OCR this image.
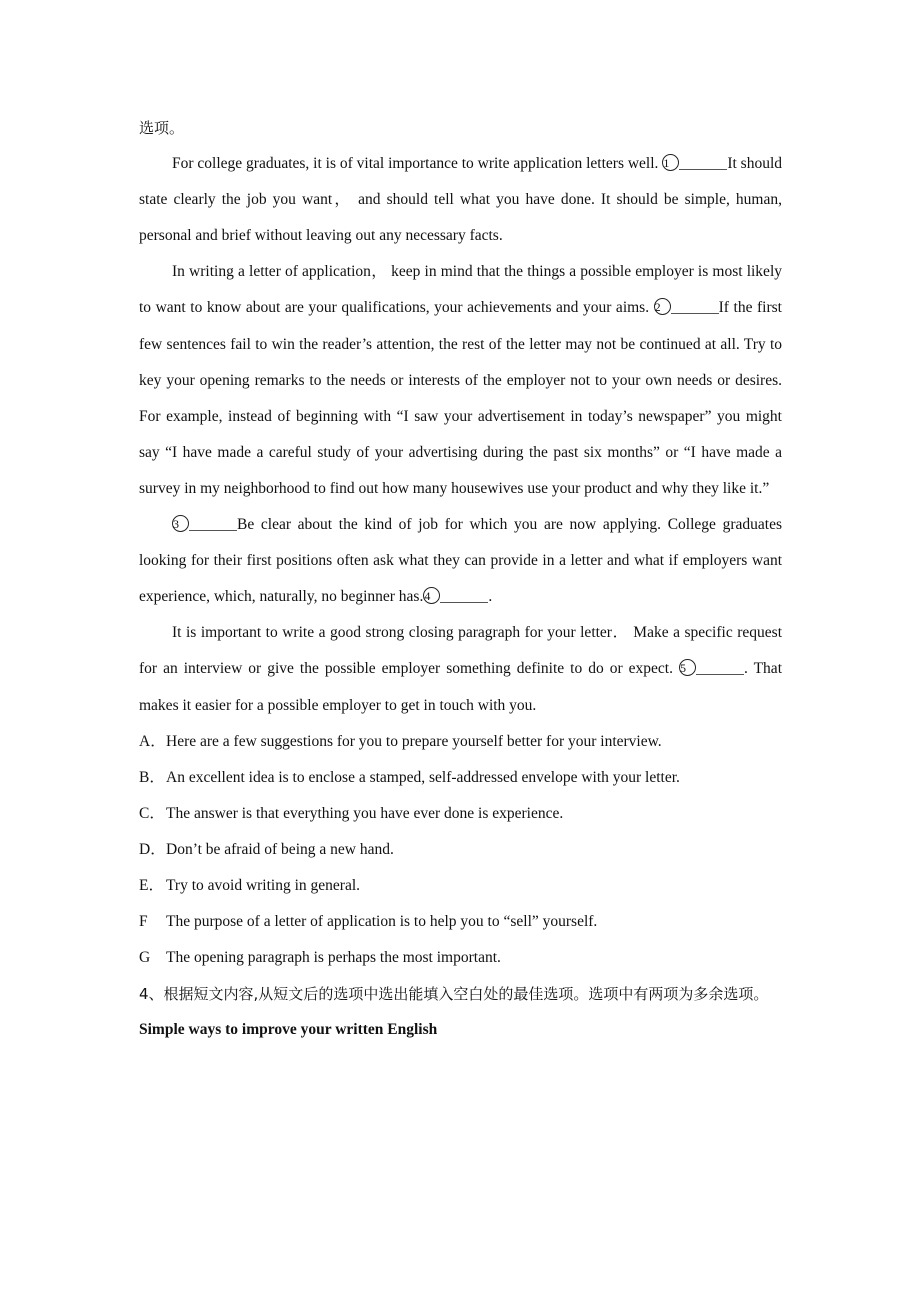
选项。

For college graduates, it is of vital importance to write application letters well. 1	It should state clearly the job you want， and should tell what you have done. It should be simple, human, personal and brief without leaving out any necessary facts.

In writing a letter of application， keep in mind that the things a possible employer is most likely to want to know about are your qualifications, your achievements and your aims. 2	If the first few sentences fail to win the reader’s attention, the rest of the letter may not be continued at all. Try to key your opening remarks to the needs or interests of the employer not to your own needs or desires. For example, instead of beginning with “I saw your advertisement in today’s newspaper” you might say “I have made a careful study of your advertising during the past six months” or “I have made a survey in my neighborhood to find out how many housewives use your product and why they like it.”

3	Be clear about the kind of job for which you are now applying. College graduates looking for their first positions often ask what they can provide in a letter and what if employers want experience, which, naturally, no beginner has.4	.

It is important to write a good strong closing paragraph for your letter． Make a specific request for an interview or give the possible employer something definite to do or expect. 5	. That makes it easier for a possible employer to get in touch with you.

A．Here are a few suggestions for you to prepare yourself better for your interview.

B．An excellent idea is to enclose a stamped, self-addressed envelope with your letter.

C．The answer is that everything you have ever done is experience.

D．Don’t be afraid of being a new hand.

E． Try to avoid writing in general.

F The purpose of a letter of application is to help you to “sell” yourself.

G The opening paragraph is perhaps the most important.

4、根据短文内容,从短文后的选项中选出能填入空白处的最佳选项。选项中有两项为多余选项。

Simple ways to improve your written English
